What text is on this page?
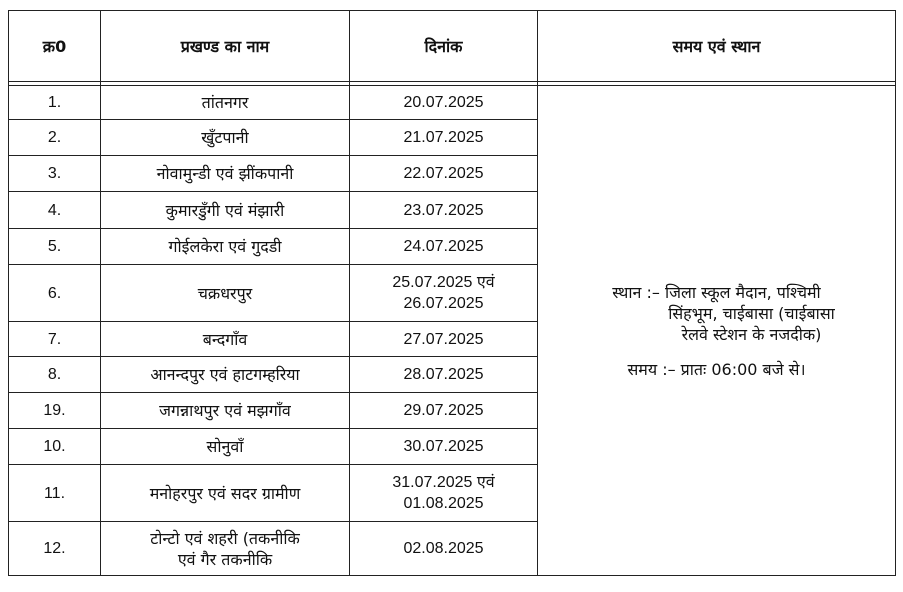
क्र0	प्रखण्ड का नाम	दिनांक	समय एवं स्थान

1.	तांतनगर	20.07.2025	स्थान :– जिला स्कूल मैदान, पश्चिमी
सिंहभूम, चाईबासा (चाईबासा
रेलवे स्टेशन के नजदीक)
समय :– प्रातः 06:00 बजे से।

2.	खुँटपानी	21.07.2025	
3.	नोवामुन्डी एवं झींकपानी	22.07.2025	
4.	कुमारडुँगी एवं मंझारी	23.07.2025	
5.	गोईलकेरा एवं गुदडी	24.07.2025	
6.	चक्रधरपुर	25.07.2025 एवं
26.07.2025	

7.	बन्दगाँव	27.07.2025	
8.	आनन्दपुर एवं हाटगम्हरिया	28.07.2025	
19.	जगन्नाथपुर एवं मझगाँव	29.07.2025	
10.	सोनुवाँ	30.07.2025	
11.	मनोहरपुर एवं सदर ग्रामीण	31.07.2025 एवं
01.08.2025	

12.	टोन्टो एवं शहरी (तकनीकि
एवं गैर तकनीकि	02.08.2025	
